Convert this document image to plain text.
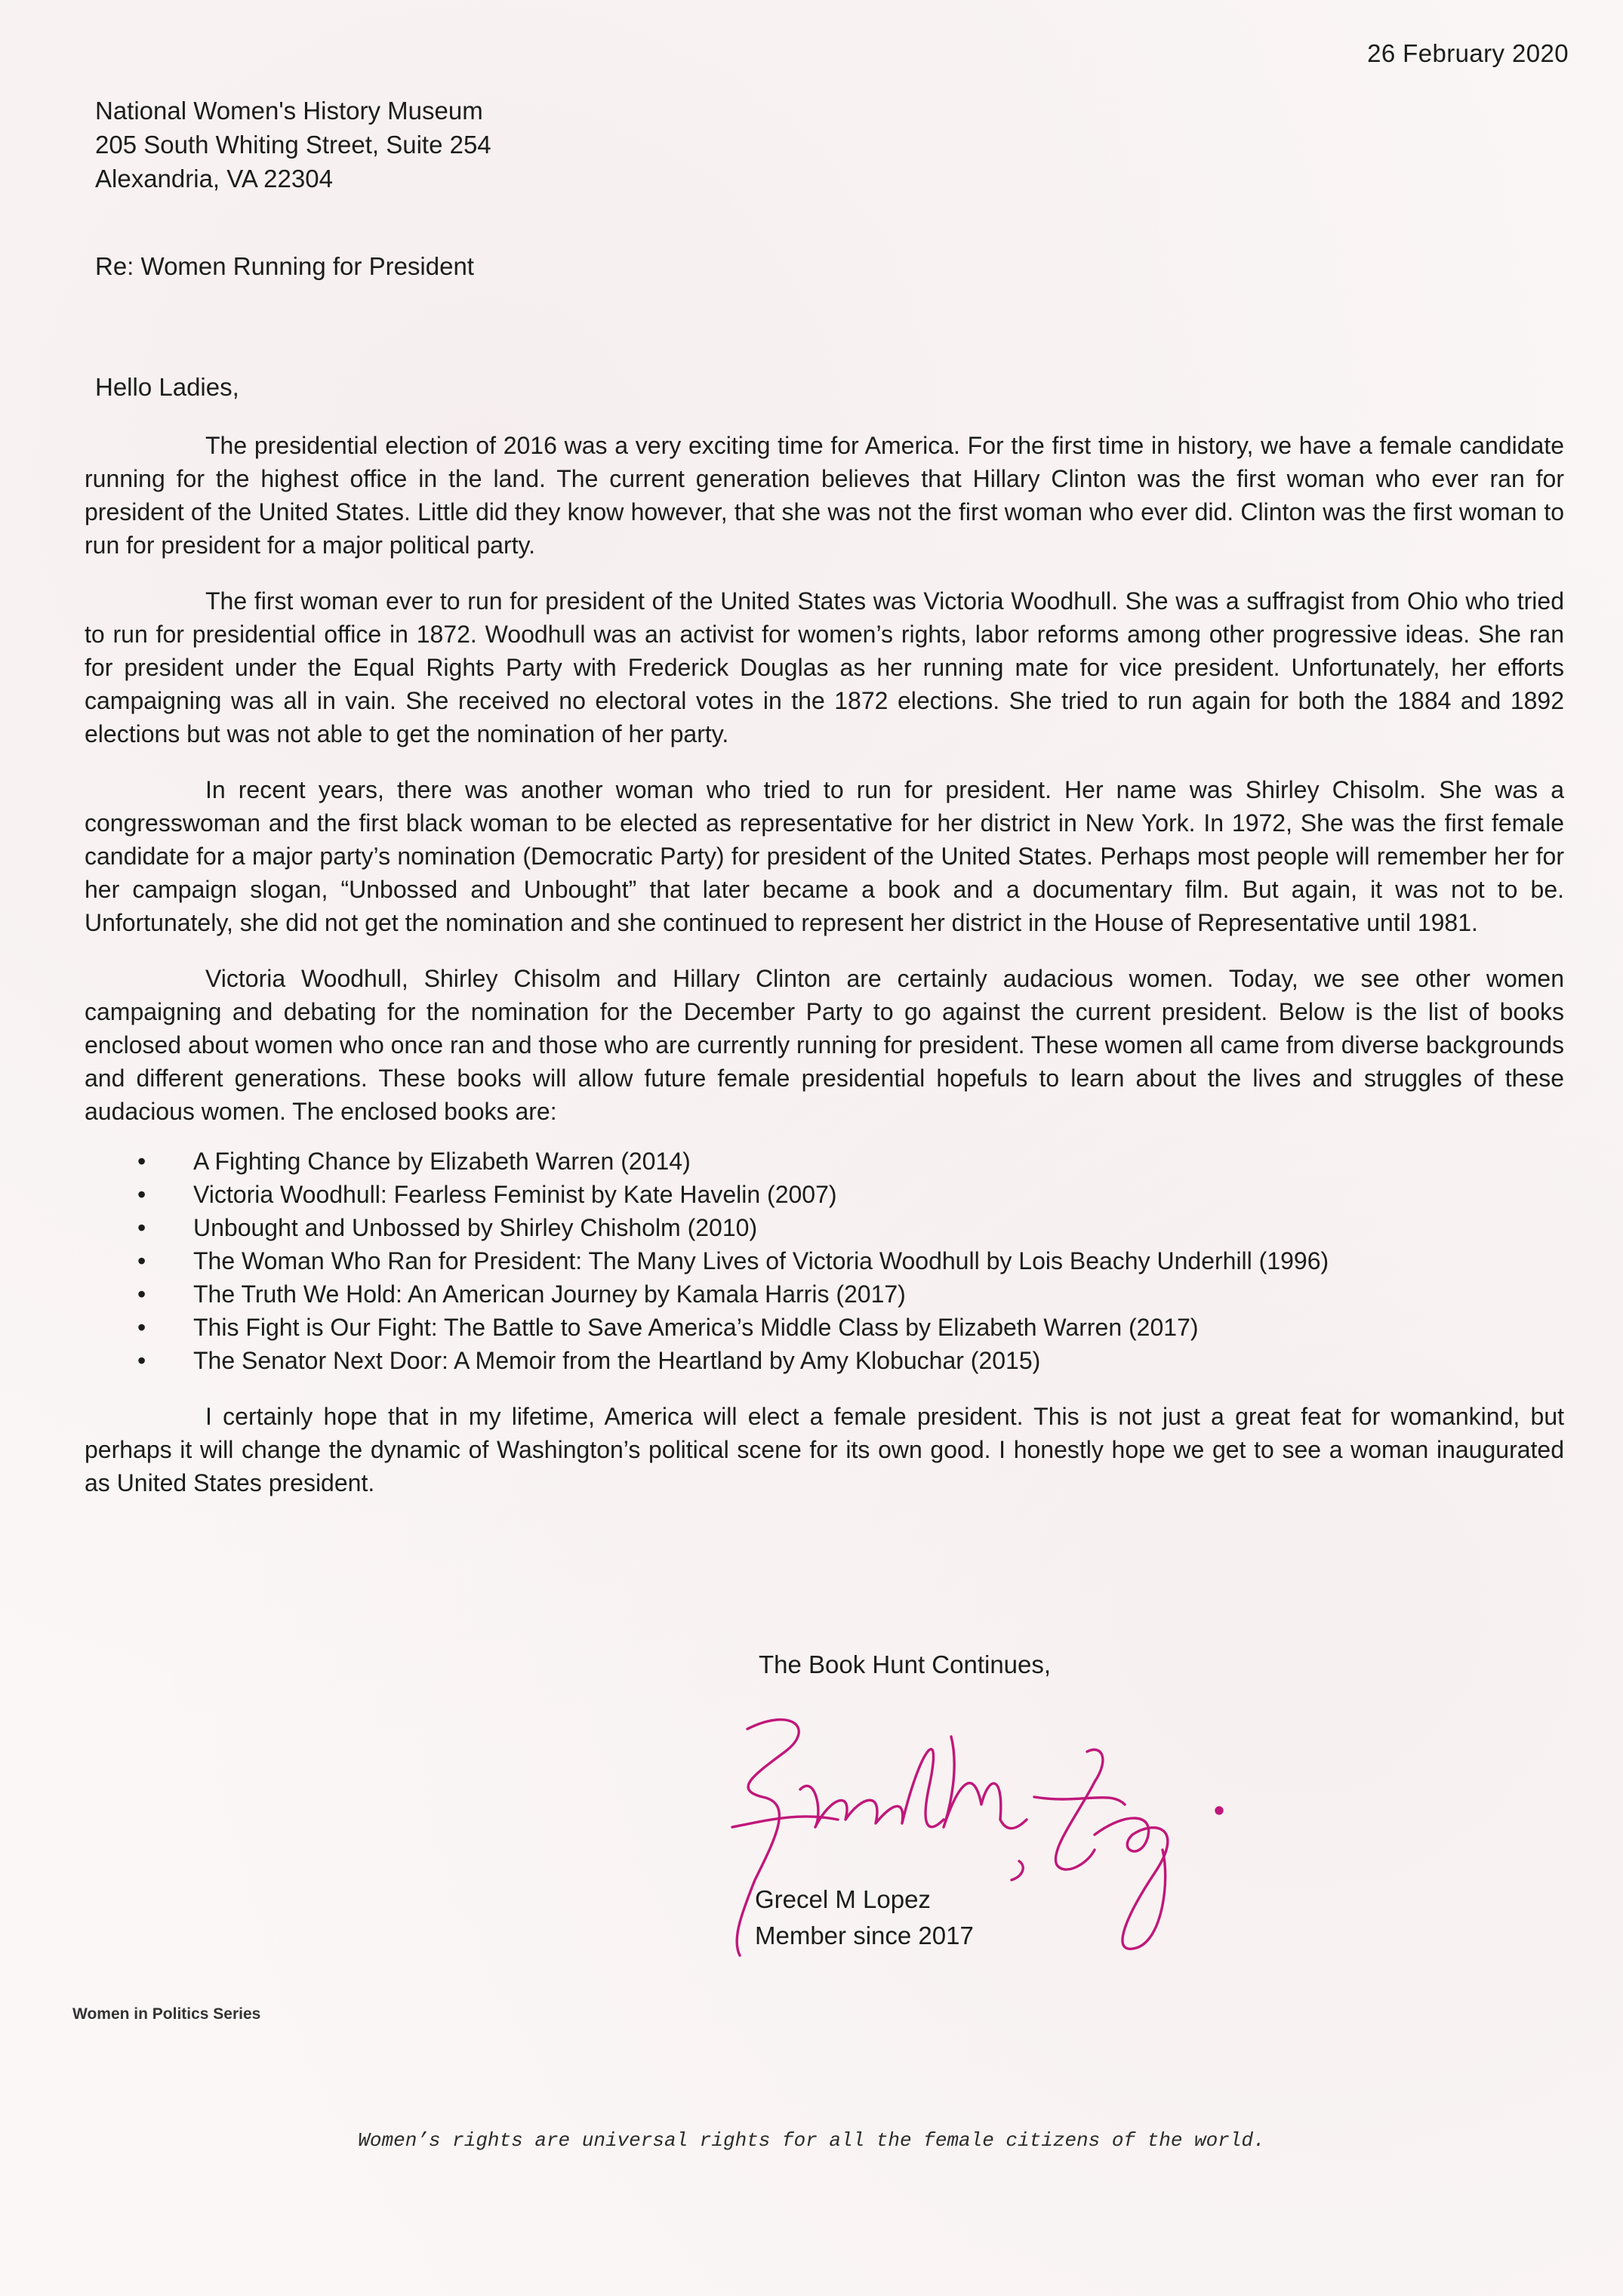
26 February 2020
National Women's History Museum
205 South Whiting Street, Suite 254
Alexandria, VA 22304
Re: Women Running for President
Hello Ladies,

The presidential election of 2016 was a very exciting time for America. For the first time in history, we have a female candidate running for the highest office in the land. The current generation believes that Hillary Clinton was the first woman who ever ran for president of the United States. Little did they know however, that she was not the first woman who ever did. Clinton was the first woman to run for president for a major political party.

The first woman ever to run for president of the United States was Victoria Woodhull. She was a suffragist from Ohio who tried to run for presidential office in 1872. Woodhull was an activist for women’s rights, labor reforms among other progressive ideas. She ran for president under the Equal Rights Party with Frederick Douglas as her running mate for vice president. Unfortunately, her efforts campaigning was all in vain. She received no electoral votes in the 1872 elections. She tried to run again for both the 1884 and 1892 elections but was not able to get the nomination of her party.

In recent years, there was another woman who tried to run for president. Her name was Shirley Chisolm. She was a congresswoman and the first black woman to be elected as representative for her district in New York. In 1972, She was the first female candidate for a major party’s nomination (Democratic Party) for president of the United States. Perhaps most people will remember her for her campaign slogan, “Unbossed and Unbought” that later became a book and a documentary film. But again, it was not to be. Unfortunately, she did not get the nomination and she continued to represent her district in the House of Representative until 1981.

Victoria Woodhull, Shirley Chisolm and Hillary Clinton are certainly audacious women. Today, we see other women campaigning and debating for the nomination for the December Party to go against the current president. Below is the list of books enclosed about women who once ran and those who are currently running for president. These women all came from diverse backgrounds and different generations. These books will allow future female presidential hopefuls to learn about the lives and struggles of these audacious women. The enclosed books are:

• A Fighting Chance by Elizabeth Warren (2014)
• Victoria Woodhull: Fearless Feminist by Kate Havelin (2007)
• Unbought and Unbossed by Shirley Chisholm (2010)
• The Woman Who Ran for President: The Many Lives of Victoria Woodhull by Lois Beachy Underhill (1996)
• The Truth We Hold: An American Journey by Kamala Harris (2017)
• This Fight is Our Fight: The Battle to Save America’s Middle Class by Elizabeth Warren (2017)
• The Senator Next Door: A Memoir from the Heartland by Amy Klobuchar (2015)

I certainly hope that in my lifetime, America will elect a female president. This is not just a great feat for womankind, but perhaps it will change the dynamic of Washington’s political scene for its own good. I honestly hope we get to see a woman inaugurated as United States president.

The Book Hunt Continues,
Grecel M Lopez
Member since 2017
Women in Politics Series
Women’s rights are universal rights for all the female citizens of the world.
